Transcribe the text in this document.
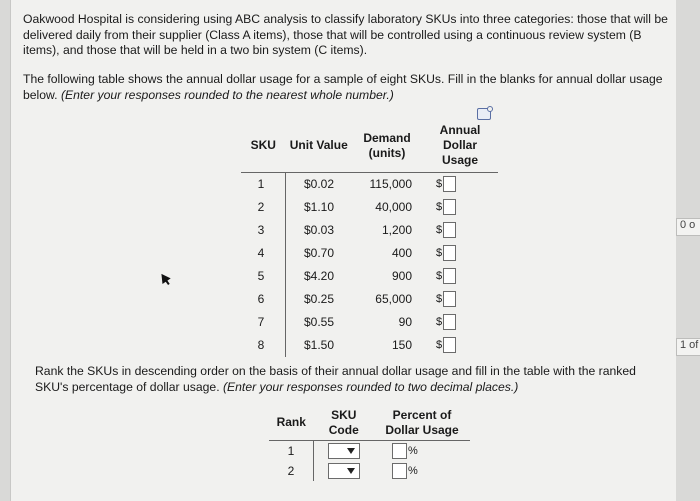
Oakwood Hospital is considering using ABC analysis to classify laboratory SKUs into three categories: those that will be delivered daily from their supplier (Class A items), those that will be controlled using a continuous review system (B items), and those that will be held in a two bin system (C items).
The following table shows the annual dollar usage for a sample of eight SKUs. Fill in the blanks for annual dollar usage below. (Enter your responses rounded to the nearest whole number.)
SKU	Unit Value	Demand (units)	Annual Dollar Usage
1	$0.02	115,000	$
2	$1.10	40,000	$
3	$0.03	1,200	$
4	$0.70	400	$
5	$4.20	900	$
6	$0.25	65,000	$
7	$0.55	90	$
8	$1.50	150	$
Rank the SKUs in descending order on the basis of their annual dollar usage and fill in the table with the ranked SKU's percentage of dollar usage. (Enter your responses rounded to two decimal places.)
Rank	SKU Code	Percent of Dollar Usage
1		%
2		%
0 o
1 of
